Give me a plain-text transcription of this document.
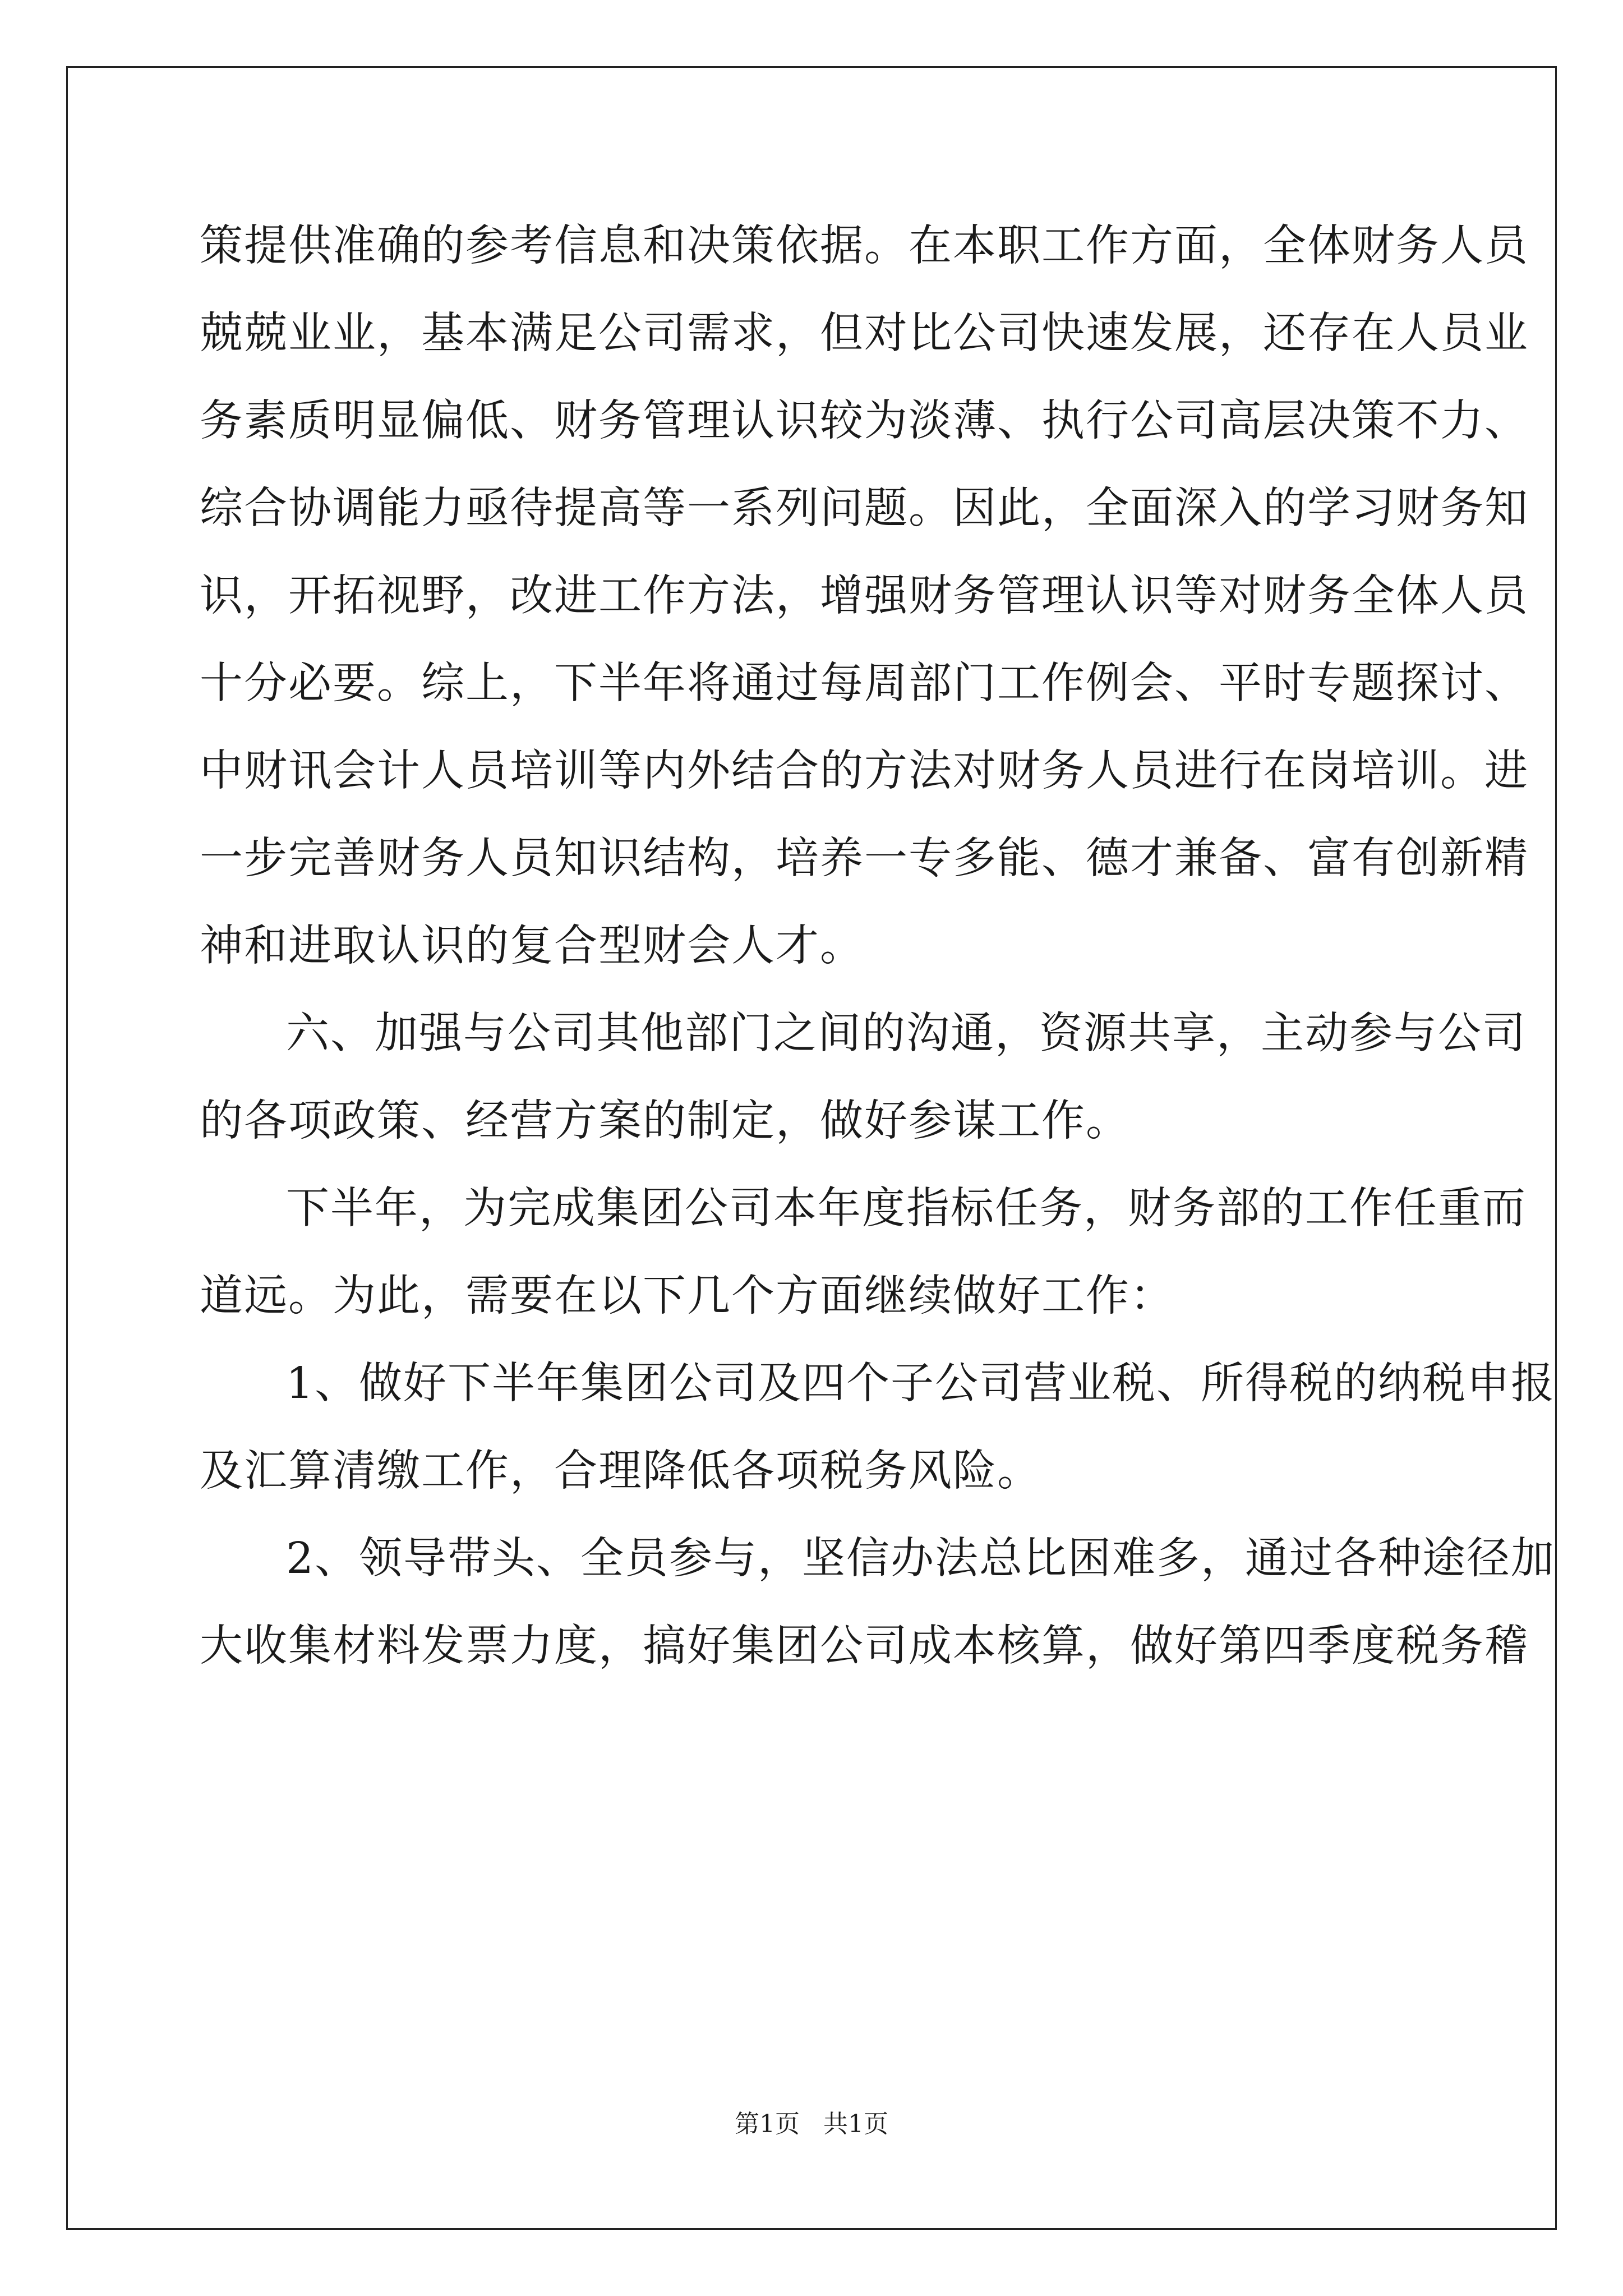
策提供准确的参考信息和决策依据。在本职工作方面，全体财务人员
兢兢业业，基本满足公司需求，但对比公司快速发展，还存在人员业
务素质明显偏低、财务管理认识较为淡薄、执行公司高层决策不力、
综合协调能力亟待提高等一系列问题。因此，全面深入的学习财务知
识，开拓视野，改进工作方法，增强财务管理认识等对财务全体人员
十分必要。综上，下半年将通过每周部门工作例会、平时专题探讨、
中财讯会计人员培训等内外结合的方法对财务人员进行在岗培训。进
一步完善财务人员知识结构，培养一专多能、德才兼备、富有创新精
神和进取认识的复合型财会人才。
六、加强与公司其他部门之间的沟通，资源共享，主动参与公司
的各项政策、经营方案的制定，做好参谋工作。
下半年，为完成集团公司本年度指标任务，财务部的工作任重而
道远。为此，需要在以下几个方面继续做好工作：
1、做好下半年集团公司及四个子公司营业税、所得税的纳税申报
及汇算清缴工作，合理降低各项税务风险。
2、领导带头、全员参与，坚信办法总比困难多，通过各种途径加
大收集材料发票力度，搞好集团公司成本核算，做好第四季度税务稽
第1页   共1页
